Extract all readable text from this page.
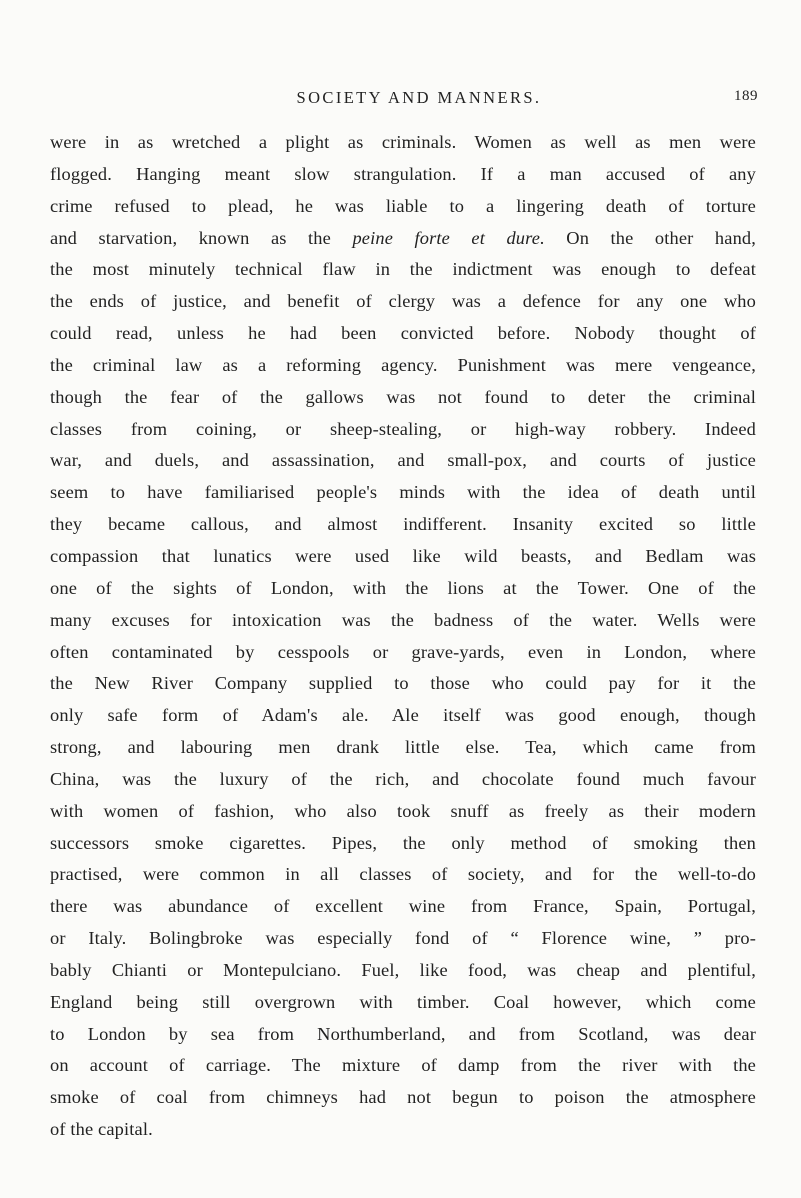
SOCIETY AND MANNERS.	189
were in as wretched a plight as criminals. Women as well as men were
flogged. Hanging meant slow strangulation. If a man accused of any
crime refused to plead, he was liable to a lingering death of torture
and starvation, known as the peine forte et dure. On the other hand,
the most minutely technical flaw in the indictment was enough to defeat
the ends of justice, and benefit of clergy was a defence for any one who
could read, unless he had been convicted before. Nobody thought of
the criminal law as a reforming agency. Punishment was mere vengeance,
though the fear of the gallows was not found to deter the criminal
classes from coining, or sheep-stealing, or high-way robbery. Indeed
war, and duels, and assassination, and small-pox, and courts of justice
seem to have familiarised people's minds with the idea of death until
they became callous, and almost indifferent. Insanity excited so little
compassion that lunatics were used like wild beasts, and Bedlam was
one of the sights of London, with the lions at the Tower. One of the
many excuses for intoxication was the badness of the water. Wells were
often contaminated by cesspools or grave-yards, even in London, where
the New River Company supplied to those who could pay for it the
only safe form of Adam's ale. Ale itself was good enough, though
strong, and labouring men drank little else. Tea, which came from
China, was the luxury of the rich, and chocolate found much favour
with women of fashion, who also took snuff as freely as their modern
successors smoke cigarettes. Pipes, the only method of smoking then
practised, were common in all classes of society, and for the well-to-do
there was abundance of excellent wine from France, Spain, Portugal,
or Italy. Bolingbroke was especially fond of “ Florence wine, ” pro-
bably Chianti or Montepulciano. Fuel, like food, was cheap and plentiful,
England being still overgrown with timber. Coal however, which come
to London by sea from Northumberland, and from Scotland, was dear
on account of carriage. The mixture of damp from the river with the
smoke of coal from chimneys had not begun to poison the atmosphere
of the capital.
